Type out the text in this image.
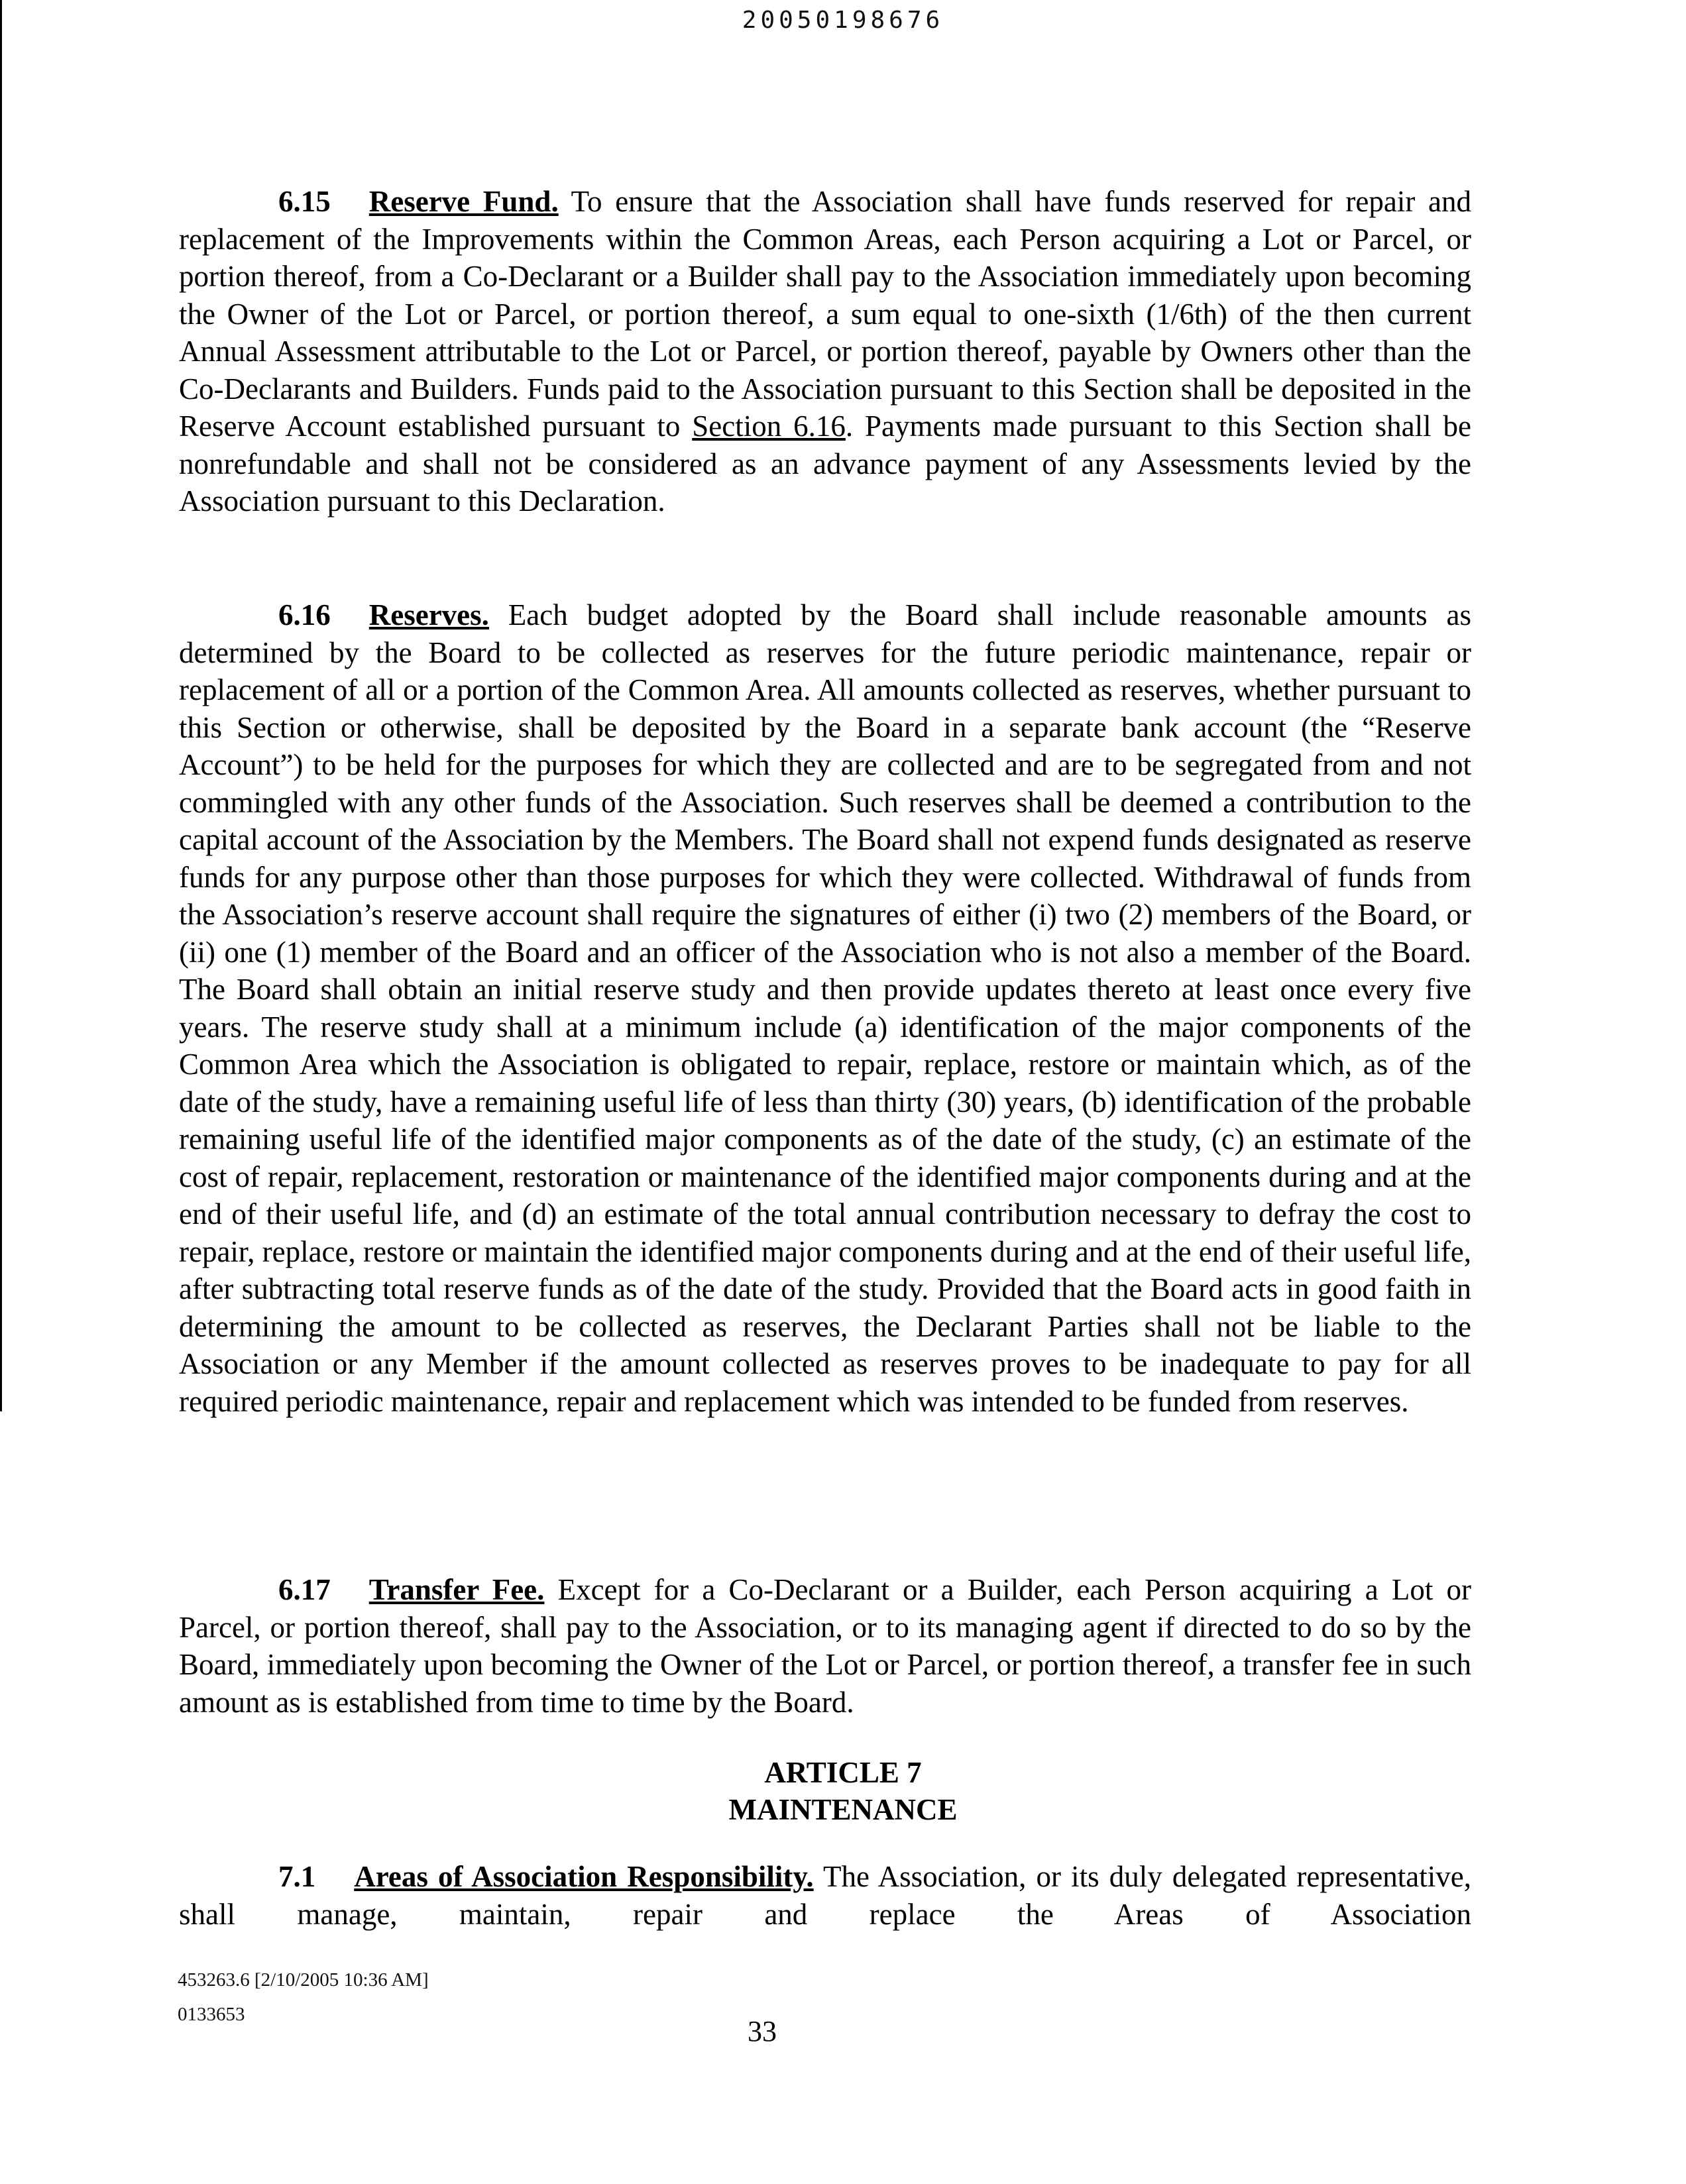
20050198676

6.15 Reserve Fund. To ensure that the Association shall have funds reserved for repair and replacement of the Improvements within the Common Areas, each Person acquiring a Lot or Parcel, or portion thereof, from a Co-Declarant or a Builder shall pay to the Association immediately upon becoming the Owner of the Lot or Parcel, or portion thereof, a sum equal to one-sixth (1/6th) of the then current Annual Assessment attributable to the Lot or Parcel, or portion thereof, payable by Owners other than the Co-Declarants and Builders. Funds paid to the Association pursuant to this Section shall be deposited in the Reserve Account established pursuant to Section 6.16. Payments made pursuant to this Section shall be nonrefundable and shall not be considered as an advance payment of any Assessments levied by the Association pursuant to this Declaration.

6.16 Reserves. Each budget adopted by the Board shall include reasonable amounts as determined by the Board to be collected as reserves for the future periodic maintenance, repair or replacement of all or a portion of the Common Area. All amounts collected as reserves, whether pursuant to this Section or otherwise, shall be deposited by the Board in a separate bank account (the “Reserve Account”) to be held for the purposes for which they are collected and are to be segregated from and not commingled with any other funds of the Association. Such reserves shall be deemed a contribution to the capital account of the Association by the Members. The Board shall not expend funds designated as reserve funds for any purpose other than those purposes for which they were collected. Withdrawal of funds from the Association’s reserve account shall require the signatures of either (i) two (2) members of the Board, or (ii) one (1) member of the Board and an officer of the Association who is not also a member of the Board. The Board shall obtain an initial reserve study and then provide updates thereto at least once every five years. The reserve study shall at a minimum include (a) identification of the major components of the Common Area which the Association is obligated to repair, replace, restore or maintain which, as of the date of the study, have a remaining useful life of less than thirty (30) years, (b) identification of the probable remaining useful life of the identified major components as of the date of the study, (c) an estimate of the cost of repair, replacement, restoration or maintenance of the identified major components during and at the end of their useful life, and (d) an estimate of the total annual contribution necessary to defray the cost to repair, replace, restore or maintain the identified major components during and at the end of their useful life, after subtracting total reserve funds as of the date of the study. Provided that the Board acts in good faith in determining the amount to be collected as reserves, the Declarant Parties shall not be liable to the Association or any Member if the amount collected as reserves proves to be inadequate to pay for all required periodic maintenance, repair and replacement which was intended to be funded from reserves.

6.17 Transfer Fee. Except for a Co-Declarant or a Builder, each Person acquiring a Lot or Parcel, or portion thereof, shall pay to the Association, or to its managing agent if directed to do so by the Board, immediately upon becoming the Owner of the Lot or Parcel, or portion thereof, a transfer fee in such amount as is established from time to time by the Board.

ARTICLE 7
MAINTENANCE

7.1 Areas of Association Responsibility. The Association, or its duly delegated representative, shall manage, maintain, repair and replace the Areas of Association

453263.6 [2/10/2005 10:36 AM]
0133653
33
